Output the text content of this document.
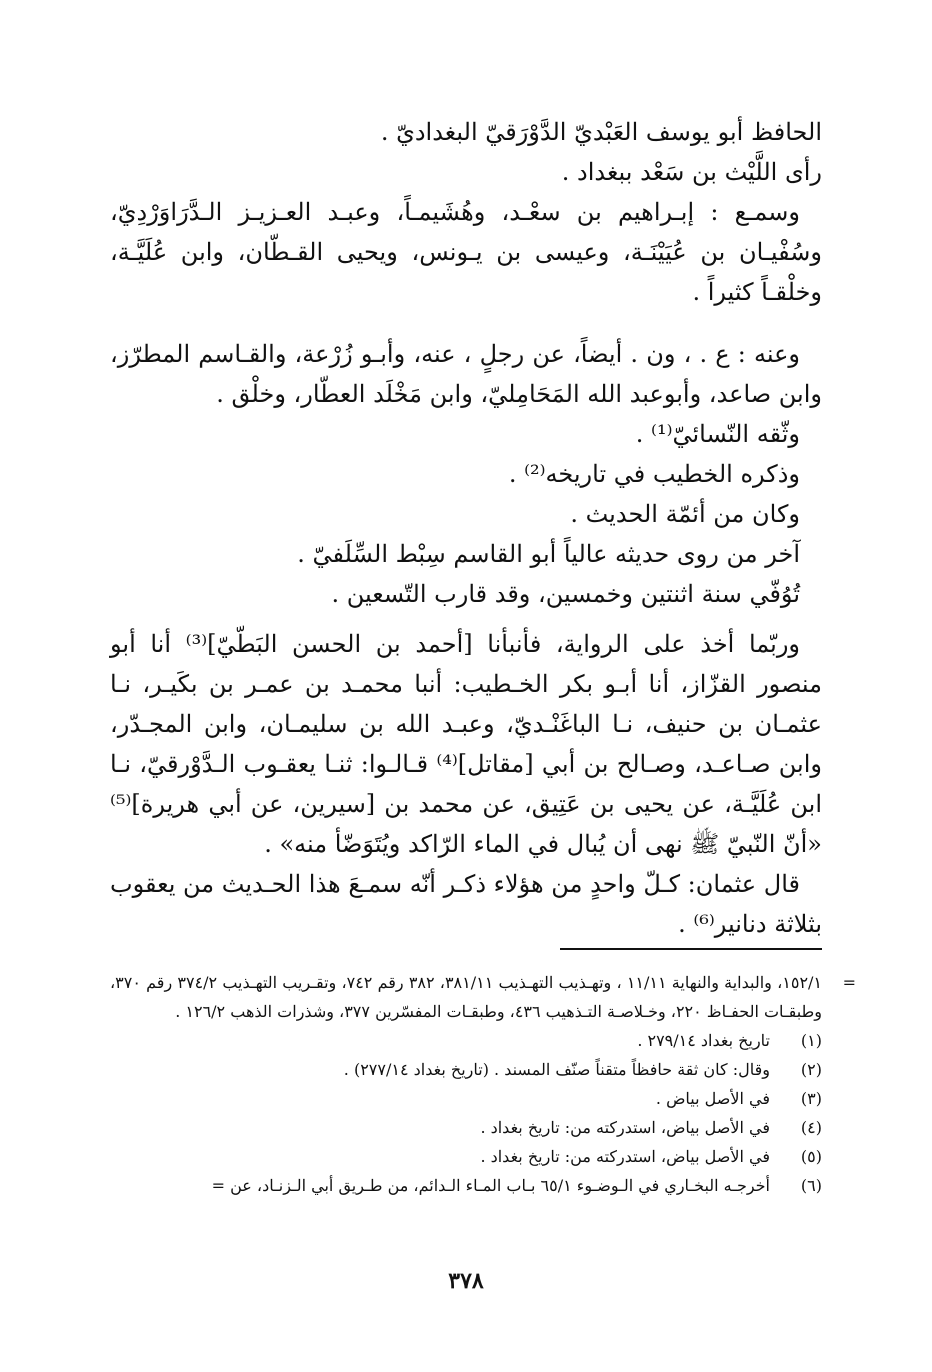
الحافظ أبو يوسف العَبْديّ الدَّوْرَقيّ البغداديّ .

رأى اللَّيْث بن سَعْد ببغداد .

وسمـع : إبـراهيم بن سعْـد، وهُشَيمـاً، وعبـد العـزيـز الـدَّرَاوَرْدِيّ، وسُفْيـان بن عُيَيْنَـة، وعيسى بن يـونس، ويحيى القـطّان، وابن عُلَيَّـة، وخلْقـاً كثيراً .

وعنه : ع . ، ون . أيضاً، عن رجلٍ ، عنه، وأبـو زُرْعة، والقـاسم المطرّز، وابن صاعد، وأبوعبد الله المَحَامِليّ، وابن مَخْلَد العطّار، وخلْق .

وثّقه النّسائيّ⁽¹⁾ .

وذكره الخطيب في تاريخه⁽²⁾ .

وكان من أئمّة الحديث .

آخر من روى حديثه عالياً أبو القاسم سِبْط السِّلَفيّ .

تُوُفّي سنة اثنتين وخمسين، وقد قارب التّسعين .

وربّما أخذ على الرواية، فأنبأنا [أحمد بن الحسن البَطّيّ]⁽³⁾ أنا أبو منصور القزّاز، أنا أبـو بكر الخـطيب: أنبا محمـد بن عمـر بن بكَيـر، نـا عثمـان بن حنيف، نـا الباغَنْـديّ، وعبـد الله بن سليمـان، وابن المجـدّر، وابن صـاعـد، وصـالح بن أبي [مقاتل]⁽⁴⁾ قـالـوا: ثنـا يعقـوب الـدَّوْرقيّ، نـا ابن عُلَيَّـة، عن يحيى بن عَتِيق، عن محمد بن [سيرين، عن أبي هريرة]⁽⁵⁾ «أنّ النّبيّ ﷺ نهى أن يُبال في الماء الرّاكد ويُتَوَضّأ منه» .

قال عثمان: كـلّ واحدٍ من هؤلاء ذكـر أنّه سمـعَ هذا الحـديث من يعقوب بثلاثة دنانير⁽⁶⁾ .

=
١٥٢/١، والبداية والنهاية ١١/١١ ، وتهـذيب التهـذيب ٣٨١/١١، ٣٨٢ رقم ٧٤٢، وتقـريب التهـذيب ٣٧٤/٢ رقم ٣٧٠، وطبقـات الحفـاظ ٢٢٠، وخـلاصـة التـذهيب ٤٣٦، وطبقـات المفسّرين ٣٧٧، وشذرات الذهب ١٢٦/٢ .
(١)
تاريخ بغداد ٢٧٩/١٤ .
(٢)
وقال: كان ثقة حافظاً متقناً صنّف المسند . (تاريخ بغداد ٢٧٧/١٤) .
(٣)
في الأصل بياض .
(٤)
في الأصل بياض، استدركته من: تاريخ بغداد .
(٥)
في الأصل بياض، استدركته من: تاريخ بغداد .
(٦)
أخرجـه البخـاري في الـوضـوء ٦٥/١ بـاب المـاء الـدائم، من طـريق أبي الـزنـاد، عن =
٣٧٨
